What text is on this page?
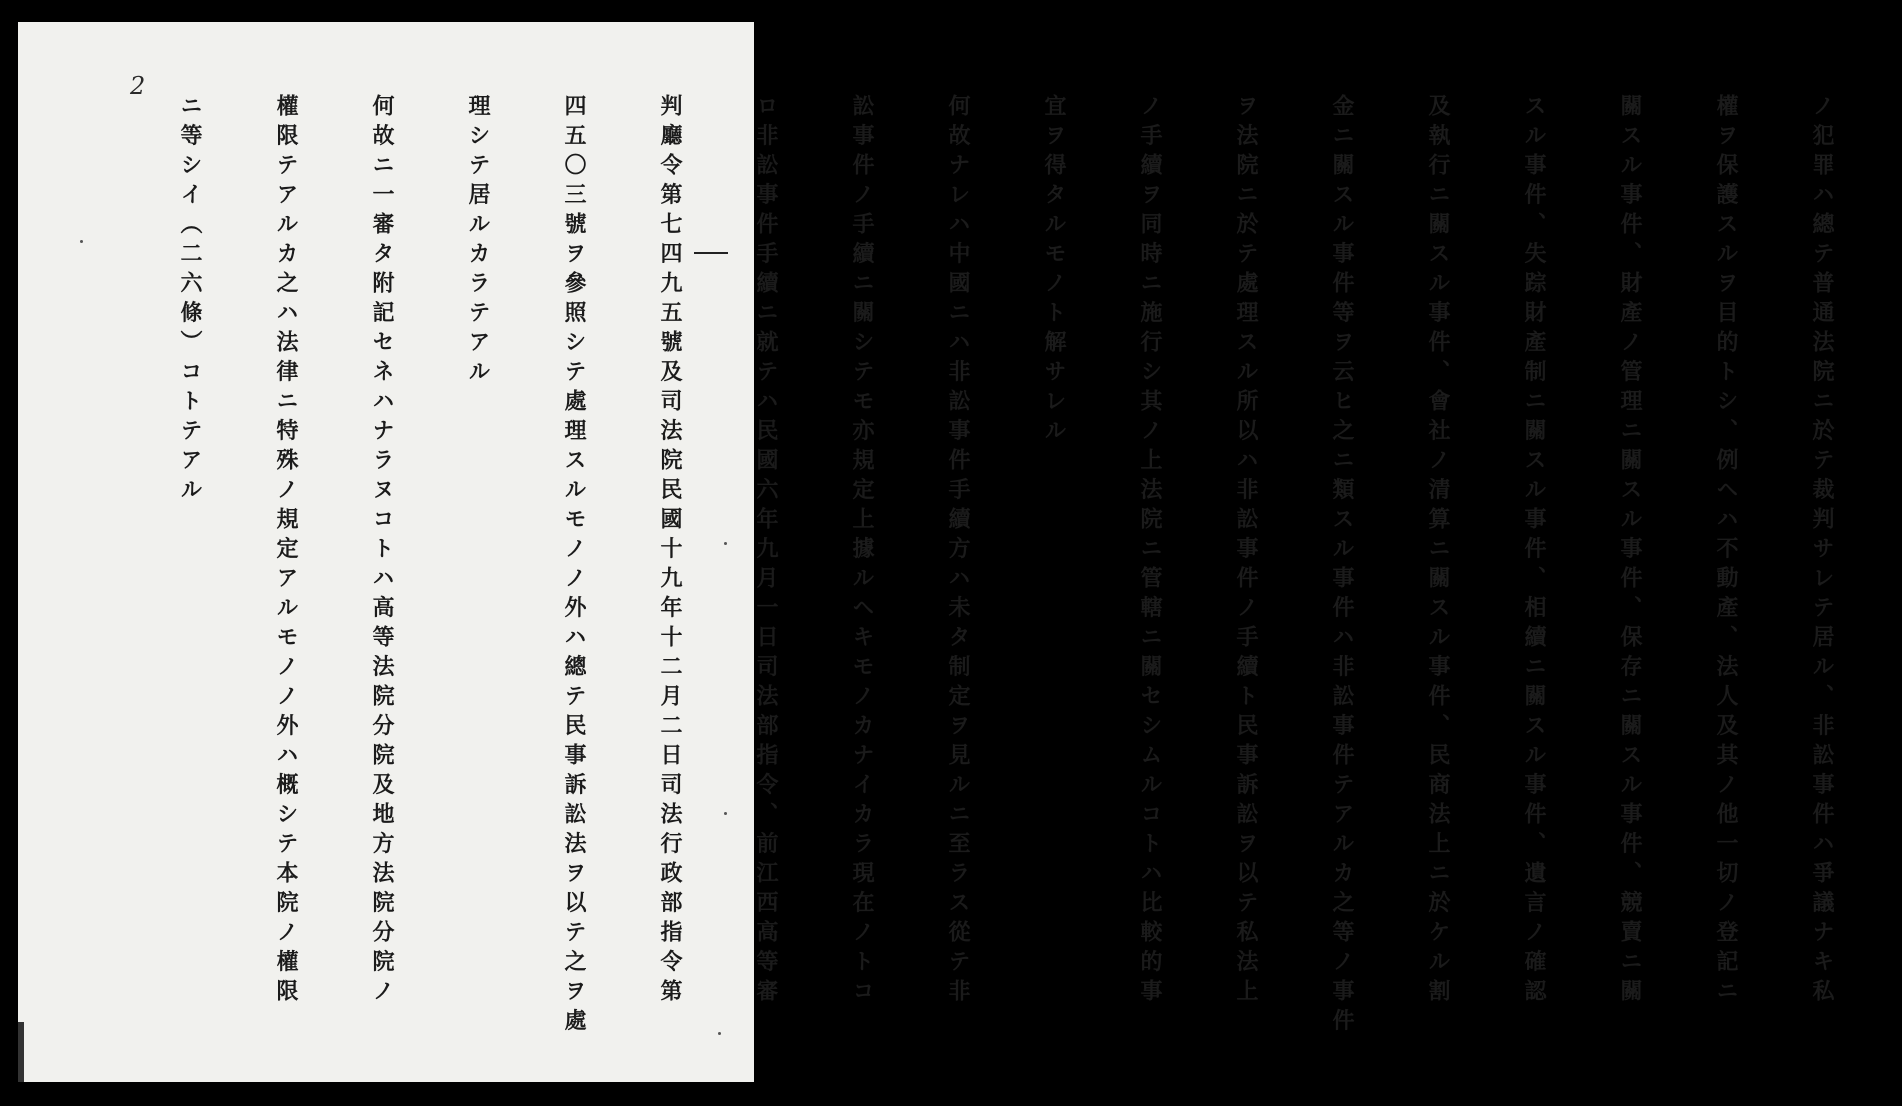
2

ノ犯罪ハ總テ普通法院ニ於テ裁判サレテ居ル、非訟事件ハ爭議ナキ私

權ヲ保護スルヲ目的トシ、例ヘハ不動產、法人及其ノ他一切ノ登記ニ

關スル事件、財產ノ管理ニ關スル事件、保存ニ關スル事件、競賣ニ關

スル事件、失踪財產制ニ關スル事件、相續ニ關スル事件、遺言ノ確認

及執行ニ關スル事件、會社ノ清算ニ關スル事件、民商法上ニ於ケル割

金ニ關スル事件等ヲ云ヒ之ニ類スル事件ハ非訟事件テアルカ之等ノ事件

ヲ法院ニ於テ處理スル所以ハ非訟事件ノ手續ト民事訴訟ヲ以テ私法上

ノ手續ヲ同時ニ施行シ其ノ上法院ニ管轄ニ關セシムルコトハ比較的事

宜ヲ得タルモノト解サレル

何故ナレハ中國ニハ非訟事件手續方ハ未タ制定ヲ見ルニ至ラス從テ非

訟事件ノ手續ニ關シテモ亦規定上據ルヘキモノカナイカラ現在ノトコ

ロ非訟事件手續ニ就テハ民國六年九月一日司法部指令、前江西高等審

判廳令第七四九五號及司法院民國十九年十二月二日司法行政部指令第

四五〇三號ヲ參照シテ處理スルモノノ外ハ總テ民事訴訟法ヲ以テ之ヲ處

理シテ居ルカラテアル

何故ニ一審タ附記セネハナラヌコトハ高等法院分院及地方法院分院ノ

權限テアルカ之ハ法律ニ特殊ノ規定アルモノノ外ハ概シテ本院ノ權限

ニ等シイ（二六條）コトテアル
